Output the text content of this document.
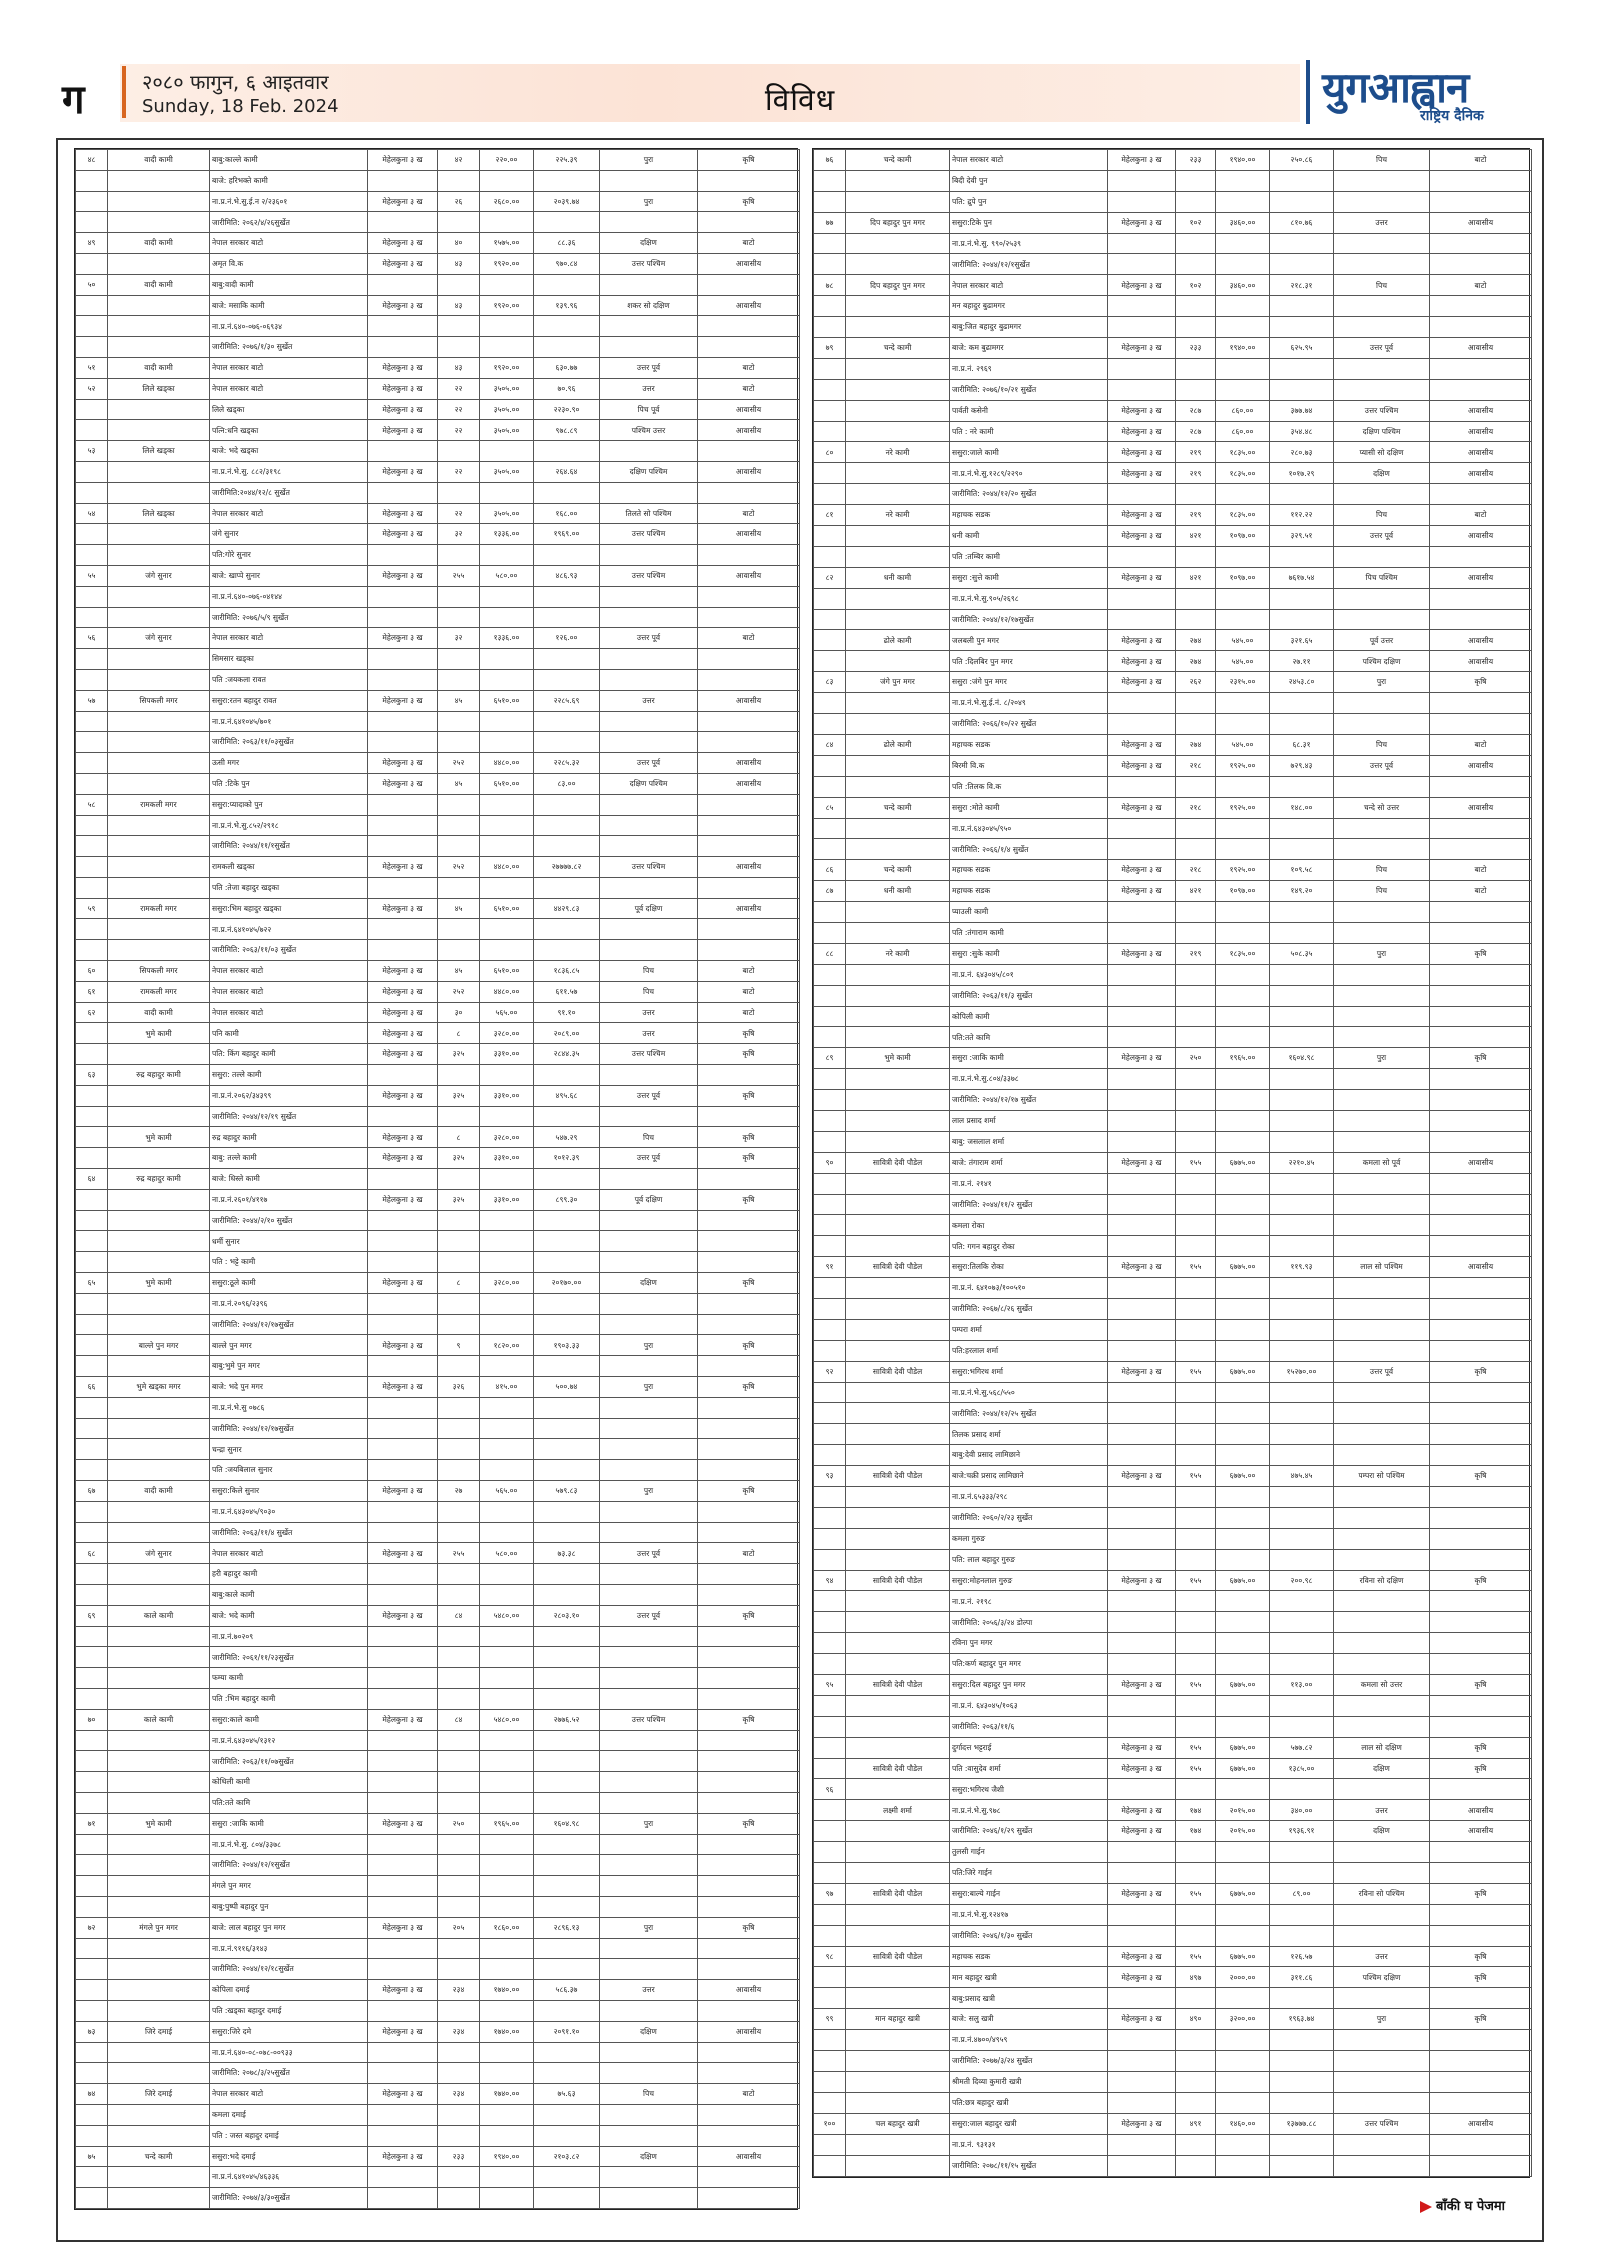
ग	२०८० फागुन, ६ आइतवार
Sunday, 18 Feb. 2024	विविध	युगआह्वान
राष्ट्रिय दैनिक
४८	वादी कामी	बाबु:काल्ले कामी	मेहेलकुना ३ ख	४२	२२०.००	२२५.३९	पुरा	कृषि
		बाजे: हरिभक्ते कामी						
		ना.प्र.नं.भे.सु.ई.न २/२३६०१	मेहेलकुना ३ ख	२६	२६८०.००	२०३९.७४	पुरा	कृषि
		जारीमिति: २०६२/४/२६सुर्खेत						
४९	वादी कामी	नेपाल सरकार बाटो	मेहेलकुना ३ ख	४०	१५७५.००	८८.३६	दक्षिण	बाटो
		अमृत वि.क	मेहेलकुना ३ ख	४३	१९२०.००	९७०.८४	उत्तर पश्चिम	आवासीय
५०	वादी कामी	बाबु:वादी कामी						
		बाजे: मसाकि कामी	मेहेलकुना ३ ख	४३	१९२०.००	१३९.९६	शकर सो दक्षिण	आवासीय
		ना.प्र.नं.६४०-०७६-०६९३४						
		जारीमिति: २०७६/१/३० सुर्खेत						
५१	वादी कामी	नेपाल सरकार बाटो	मेहेलकुना ३ ख	४३	१९२०.००	६३०.७७	उत्तर पूर्व	बाटो
५२	लिले खड्का	नेपाल सरकार बाटो	मेहेलकुना ३ ख	२२	३५०५.००	७०.९६	उत्तर	बाटो
		लिले खड्का	मेहेलकुना ३ ख	२२	३५०५.००	२२३०.९०	पिच पूर्व	आवासीय
		पत्नि:धनि खड्का	मेहेलकुना ३ ख	२२	३५०५.००	९७८.८९	पश्चिम उत्तर	आवासीय
५३	लिले खड्का	बाजे: भदे खड्का						
		ना.प्र.नं.भे.सु. ८८२/३१९८	मेहेलकुना ३ ख	२२	३५०५.००	२६४.६४	दक्षिण पश्चिम	आवासीय
		जारीमिति:२०४४/१२/८ सुर्खेत						
५४	लिले खड्का	नेपाल सरकार बाटो	मेहेलकुना ३ ख	२२	३५०५.००	१६८.००	तिलते सो पश्चिम	बाटो
		जंगे सुनार	मेहेलकुना ३ ख	३२	१३३६.००	१९६९.००	उत्तर पश्चिम	आवासीय
		पति:गोरे सुनार						
५५	जंगे सुनार	बाजे: खाप्पे सुनार	मेहेलकुना ३ ख	२५५	५८०.००	४८६.९३	उत्तर पश्चिम	आवासीय
		ना.प्र.नं.६४०-०७६-०४१४४						
		जारीमिति: २०७६/५/९ सुर्खेत						
५६	जंगे सुनार	नेपाल सरकार बाटो	मेहेलकुना ३ ख	३२	१३३६.००	१२६.००	उत्तर पूर्व	बाटो
		सिमसार खड्का						
		पति :जयकला रावत						
५७	सिपकली मगर	ससुरा:रतन बहादुर रावत	मेहेलकुना ३ ख	४५	६५१०.००	२२८५.६९	उत्तर	आवासीय
		ना.प्र.नं.६४१०४५/७०१						
		जारीमिति: २०६३/११/०३सुर्खेत						
		ऊसी मगर	मेहेलकुना ३ ख	२५२	४४८०.००	२२८५.३२	उत्तर पूर्व	आवासीय
		पति :टिके पुन	मेहेलकुना ३ ख	४५	६५१०.००	८३.००	दक्षिण पश्चिम	आवासीय
५८	रामकली मगर	ससुरा:प्यादाको पुन						
		ना.प्र.नं.भे.सु.८५२/२९१८						
		जारीमिति: २०४४/११/१सुर्खेत						
		रामकली खड्का	मेहेलकुना ३ ख	२५२	४४८०.००	२७७७७.८२	उत्तर पश्चिम	आवासीय
		पति :तेजा बहादुर खड्का						
५९	रामकली मगर	ससुरा:भिम बहादुर खड्का	मेहेलकुना ३ ख	४५	६५१०.००	४४२९.८३	पूर्व दक्षिण	आवासीय
		ना.प्र.नं.६४१०४५/७२२						
		जारीमिति: २०६३/११/०३ सुर्खेत						
६०	सिपकली मगर	नेपाल सरकार बाटो	मेहेलकुना ३ ख	४५	६५१०.००	१८३६.८५	पिच	बाटो
६१	रामकली मगर	नेपाल सरकार बाटो	मेहेलकुना ३ ख	२५२	४४८०.००	६११.५७	पिच	बाटो
६२	वादी कामी	नेपाल सरकार बाटो	मेहेलकुना ३ ख	३०	५६५.००	९१.१०	उत्तर	बाटो
	भुमे कामी	पनि कामी	मेहेलकुना ३ ख	८	३२८०.००	२०८९.००	उत्तर	कृषि
		पति: किंग बहादुर कामी	मेहेलकुना ३ ख	३२५	३३१०.००	२८४४.३५	उत्तर पश्चिम	कृषि
६३	रुद्र बहादुर कामी	ससुरा: तल्ले कामी						
		ना.प्र.नं.२०६२/३४३९९	मेहेलकुना ३ ख	३२५	३३१०.००	४९५.६८	उत्तर पूर्व	कृषि
		जारीमिति: २०४४/१२/१९ सुर्खेत						
	भुमे कामी	रुद्र बहादुर कामी	मेहेलकुना ३ ख	८	३२८०.००	५४७.२९	पिच	कृषि
		बाबु: तल्ले कामी	मेहेलकुना ३ ख	३२५	३३१०.००	१०१२.३९	उत्तर पूर्व	कृषि
६४	रुद्र बहादुर कामी	बाजे: धिस्ले कामी						
		ना.प्र.नं.२६०१/४११७	मेहेलकुना ३ ख	३२५	३३१०.००	८९९.३०	पूर्व दक्षिण	कृषि
		जारीमिति: २०४४/२/१० सुर्खेत						
		धर्मी सुनार						
		पति : भट्टे कामी						
६५	भुमे कामी	ससुरा:ठूले कामी	मेहेलकुना ३ ख	८	३२८०.००	२०१७०.००	दक्षिण	कृषि
		ना.प्र.नं.२०९६/२३९६						
		जारीमिति: २०४४/१२/१७सुर्खेत						
	बाल्ले पुन मगर	बाल्ले पुन मगर	मेहेलकुना ३ ख	९	१८२०.००	१९०३.३३	पुरा	कृषि
		बाबु:भुमे पुन मगर						
६६	भुमे खड्का मगर	बाजे: भदे पुन मगर	मेहेलकुना ३ ख	३२६	४१५.००	५००.७४	पुरा	कृषि
		ना.प्र.नं.भे.सु ०७८६						
		जारीमिति: २०४४/१२/१७सुर्खेत						
		चन्द्रा सुनार						
		पति :जयबिलाल सुनार						
६७	वादी कामी	ससुरा:किले सुनार	मेहेलकुना ३ ख	२७	५६५.००	५७९.८३	पुरा	कृषि
		ना.प्र.नं.६४३०४५/९०३०						
		जारीमिति: २०६३/११/४ सुर्खेत						
६८	जंगे सुनार	नेपाल सरकार बाटो	मेहेलकुना ३ ख	२५५	५८०.००	७३.३८	उत्तर पूर्व	बाटो
		हरी बहादुर कामी						
		बाबु:काले कामी						
६९	काले कामी	बाजे: भदे कामी	मेहेलकुना ३ ख	८४	५४८०.००	२८०३.१०	उत्तर पूर्व	कृषि
		ना.प्र.नं.७०२०९						
		जारीमिति: २०६१/११/२३सुर्खेत						
		फम्या कामी						
		पति :भिम बहादुर कामी						
७०	काले कामी	ससुरा:काले कामी	मेहेलकुना ३ ख	८४	५४८०.००	२७७६.५२	उत्तर पश्चिम	कृषि
		ना.प्र.नं.६४३०४५/१३१२						
		जारीमिति: २०६३/११/०७सुर्खेत						
		कोथिली कामी						
		पति:तते कामि						
७१	भुमे कामी	ससुरा :जाकि कामी	मेहेलकुना ३ ख	२५०	१९६५.००	१६०४.९८	पुरा	कृषि
		ना.प्र.नं.भे.सु. ८०४/३३७८						
		जारीमिति: २०४४/१२/१सुर्खेत						
		मंगले पुन मगर						
		बाबु:पुष्पी बहादुर पुन						
७२	मंगले पुन मगर	बाजे: लाल बहादुर पुन मगर	मेहेलकुना ३ ख	२०५	१८६०.००	२८९६.१३	पुरा	कृषि
		ना.प्र.नं.९११६/३१४३						
		जारीमिति: २०४४/१२/१८सुर्खेत						
		कोपिला दमाई	मेहेलकुना ३ ख	२३४	१७४०.००	५८६.३७	उत्तर	आवासीय
		पति :खड्का बहादुर दमाई						
७३	जिरे दमाई	ससुरा:जिरे दमे	मेहेलकुना ३ ख	२३४	१७४०.००	२०९१.१०	दक्षिण	आवासीय
		ना.प्र.नं.६४०-०८-०७८-००९३३						
		जारीमिति: २०७८/३/२५सुर्खेत						
७४	जिरे दमाई	नेपाल सरकार बाटो	मेहेलकुना ३ ख	२३४	१७४०.००	७५.६३	पिच	बाटो
		कमला दमाई						
		पति : जस्त बहादुर दमाई						
७५	चन्दे कामी	ससुरा:भदे दमाई	मेहेलकुना ३ ख	२३३	१९४०.००	२१०३.८२	दक्षिण	आवासीय
		ना.प्र.नं.६४१०४५/४६३३६						
		जारीमिति: २०७४/३/३०सुर्खेत						
७६	चन्दे कामी	नेपाल सरकार बाटो	मेहेलकुना ३ ख	२३३	१९४०.००	२५०.८६	पिच	बाटो
		बिदी देवी पुन						
		पति: द्रुपे पुन						
७७	दिप बहादुर पुन मगर	ससुरा:टिके पुन	मेहेलकुना ३ ख	१०२	३४६०.००	८१०.७६	उत्तर	आवासीय
		ना.प्र.नं.भे.सु. ९९०/२५३९						
		जारीमिति: २०४४/१२/१सुर्खेत						
७८	दिप बहादुर पुन मगर	नेपाल सरकार बाटो	मेहेलकुना ३ ख	१०२	३४६०.००	२१८.३१	पिच	बाटो
		मन बहादुर बुढामगर						
		बाबु:जित बहादुर बुढामगर						
७९	चन्दे कामी	बाजे: कम बुढामगर	मेहेलकुना ३ ख	२३३	१९४०.००	६२५.९५	उत्तर पूर्व	आवासीय
		ना.प्र.नं. २९६९						
		जारीमिति: २०७६/१०/२१ सुर्खेत						
		पार्वती कसेनी	मेहेलकुना ३ ख	२८७	८६०.००	३७७.७४	उत्तर पश्चिम	आवासीय
		पति : नरे कामी	मेहेलकुना ३ ख	२८७	८६०.००	३५४.४८	दक्षिण पश्चिम	आवासीय
८०	नरे कामी	ससुरा:जाले कामी	मेहेलकुना ३ ख	२१९	१८३५.००	२८०.७३	प्यासी सो दक्षिण	आवासीय
		ना.प्र.नं.भे.सु.१२८९/२२९०	मेहेलकुना ३ ख	२१९	१८३५.००	१०१७.२९	दक्षिण	आवासीय
		जारीमिति: २०४४/१२/२० सुर्खेत						
८१	नरे कामी	महाचक सडक	मेहेलकुना ३ ख	२१९	१८३५.००	११२.२२	पिच	बाटो
		धनी कामी	मेहेलकुना ३ ख	४२१	१०९७.००	३२९.५१	उत्तर पूर्व	आवासीय
		पति :तम्बिर कामी						
८२	धनी कामी	ससुरा :सुत्ते कामी	मेहेलकुना ३ ख	४२१	१०९७.००	७६१७.५४	पिच पश्चिम	आवासीय
		ना.प्र.नं.भे.सु.९०५/२६९८						
		जारीमिति: २०४४/१२/१७सुर्खेत						
	ढोले कामी	जलबली पुन मगर	मेहेलकुना ३ ख	२७४	५४५.००	३२१.६५	पूर्व उत्तर	आवासीय
		पति :दिलबिर पुन मगर	मेहेलकुना ३ ख	२७४	५४५.००	२७.११	पश्चिम दक्षिण	आवासीय
८३	जंगे पुन मगर	ससुरा :जंगे पुन मगर	मेहेलकुना ३ ख	२६२	२३१५.००	२४५३.८०	पुरा	कृषि
		ना.प्र.नं.भे.सु.ई.नं. ८/२०४९						
		जारीमिति: २०६६/१०/२२ सुर्खेत						
८४	ढोले कामी	महाचक सडक	मेहेलकुना ३ ख	२७४	५४५.००	६८.३१	पिच	बाटो
		बिरमी वि.क	मेहेलकुना ३ ख	२१८	१९२५.००	७२९.४३	उत्तर पूर्व	आवासीय
		पति :तिलक वि.क						
८५	चन्दे कामी	ससुरा :मोते कामी	मेहेलकुना ३ ख	२१८	१९२५.००	१४८.००	चन्दे सो उत्तर	आवासीय
		ना.प्र.नं.६४३०४५/९५०						
		जारीमिति: २०६६/१/४ सुर्खेत						
८६	चन्दे कामी	महाचक सडक	मेहेलकुना ३ ख	२१८	१९२५.००	१०९.५८	पिच	बाटो
८७	धनी कामी	महाचक सडक	मेहेलकुना ३ ख	४२१	१०९७.००	१४९.२०	पिच	बाटो
		प्याउली कामी						
		पति :तंगाराम कामी						
८८	नरे कामी	ससुरा :सुके कामी	मेहेलकुना ३ ख	२१९	१८३५.००	५०८.३५	पुरा	कृषि
		ना.प्र.नं. ६४३०४५/८०१						
		जारीमिति: २०६३/११/३ सुर्खेत						
		कोपिली कामी						
		पति:तते कामि						
८९	भुमे कामी	ससुरा :जाकि कामी	मेहेलकुना ३ ख	२५०	१९६५.००	१६०४.९८	पुरा	कृषि
		ना.प्र.नं.भे.सु.८०४/३३७८						
		जारीमिति: २०४४/१२/१७ सुर्खेत						
		लाल प्रसाद शर्मा						
		बाबु: जसलाल शर्मा						
९०	सावित्री देवी पौडेल	बाजे: तंगाराम शर्मा	मेहेलकुना ३ ख	१५५	६७७५.००	२२१०.४५	कमला सो पूर्व	आवासीय
		ना.प्र.नं. २१४१						
		जारीमिति: २०४४/११/२ सुर्खेत						
		कमला रोका						
		पति: गगन बहादुर रोका						
९१	सावित्री देवी पौडेल	ससुरा:तिलकि रोका	मेहेलकुना ३ ख	१५५	६७७५.००	११९.९३	लाल सो पश्चिम	आवासीय
		ना.प्र.नं. ६४१०७३/१००५१०						
		जारीमिति: २०६७/८/२६ सुर्खेत						
		पम्परा शर्मा						
		पति:हरलाल शर्मा						
९२	सावित्री देवी पौडेल	ससुरा:भगिरथ शर्मा	मेहेलकुना ३ ख	१५५	६७७५.००	१५२७०.००	उत्तर पूर्व	कृषि
		ना.प्र.नं.भे.सु.५६८/५५०						
		जारीमिति: २०४४/१२/२५ सुर्खेत						
		तिलक प्रसाद शर्मा						
		बाबु:देवी प्रसाद लामिछाने						
९३	सावित्री देवी पौडेल	बाजे:चक्री प्रसाद लामिछाने	मेहेलकुना ३ ख	१५५	६७७५.००	४७५.४५	पम्परा सो पश्चिम	कृषि
		ना.प्र.नं.६५३३३/२९८						
		जारीमिति: २०६०/२/२३ सुर्खेत						
		कमला गुरुङ						
		पति: लाल बहादुर गुरुङ						
९४	सावित्री देवी पौडेल	ससुरा:मोहनलाल गुरुङ	मेहेलकुना ३ ख	१५५	६७७५.००	२००.९८	रविना सो दक्षिण	कृषि
		ना.प्र.नं. २१९८						
		जारीमिति: २०५६/३/२४ डोल्पा						
		रविना पुन मगर						
		पति:कर्ण बहादुर पुन मगर						
९५	सावित्री देवी पौडेल	ससुरा:दिल बहादुर पुन मगर	मेहेलकुना ३ ख	१५५	६७७५.००	११३.००	कमला सो उत्तर	कृषि
		ना.प्र.नं. ६४३०४५/१०६३						
		जारीमिति: २०६३/११/६						
		दुर्गादत्त भट्टराई	मेहेलकुना ३ ख	१५५	६७७५.००	५७७.८२	लाल सो दक्षिण	कृषि
	सावित्री देवी पौडेल	पति :वासुदेव शर्मा	मेहेलकुना ३ ख	१५५	६७७५.००	१३८५.००	दक्षिण	कृषि
९६		ससुरा:भगिरथ जैशी						
	लक्ष्मी शर्मा	ना.प्र.नं.भे.सु.९७८	मेहेलकुना ३ ख	१७४	२०१५.००	३४०.००	उत्तर	आवासीय
		जारीमिति: २०४६/१/२९ सुर्खेत	मेहेलकुना ३ ख	१७४	२०१५.००	१९३६.९१	दक्षिण	आवासीय
		तुलसी गाईन						
		पति:जिरे गाईन						
९७	सावित्री देवी पौडेल	ससुरा:बाल्ये गाईन	मेहेलकुना ३ ख	१५५	६७७५.००	८९.००	रविना सो पश्चिम	कृषि
		ना.प्र.नं.भे.सु.१२४१७						
		जारीमिति: २०४६/१/३० सुर्खेत						
९८	सावित्री देवी पौडेल	महाचक सडक	मेहेलकुना ३ ख	१५५	६७७५.००	१२६.५७	उत्तर	कृषि
		मान बहादुर खत्री	मेहेलकुना ३ ख	४९७	२०००.००	३११.८६	पश्चिम दक्षिण	कृषि
		बाबु:प्रसाद खत्री						
९९	मान बहादुर खत्री	बाजे: सलु खत्री	मेहेलकुना ३ ख	४९०	३२००.००	१९६३.७४	पुरा	कृषि
		ना.प्र.नं.४७००/४९५९						
		जारीमिति: २०७७/३/२४ सुर्खेत						
		श्रीमती दिव्या कुमारी खत्री						
		पति:छत्र बहादुर खत्री						
१००	चल बहादुर खत्री	ससुरा:जाल बहादुर खत्री	मेहेलकुना ३ ख	४९१	१४६०.००	१३७७७.८८	उत्तर पश्चिम	आवासीय
		ना.प्र.नं. ९३१३१						
		जारीमिति: २०७८/११/१५ सुर्खेत						
बाँकी घ पेजमा
